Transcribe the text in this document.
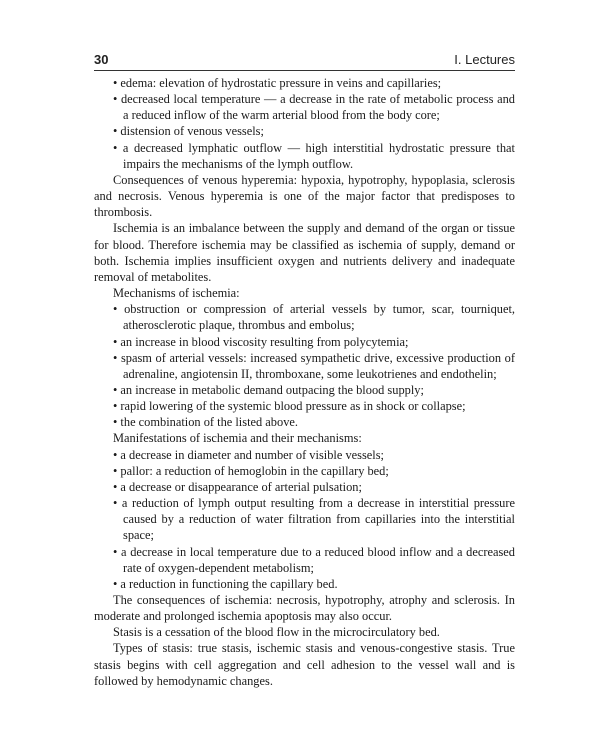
30	I. Lectures

• edema: elevation of hydrostatic pressure in veins and capillaries;

• decreased local temperature — a decrease in the rate of metabolic process and a reduced inflow of the warm arterial blood from the body core;

• distension of venous vessels;

• a decreased lymphatic outflow — high interstitial hydrostatic pressure that impairs the mechanisms of the lymph outflow.

Consequences of venous hyperemia: hypoxia, hypotrophy, hypoplasia, sclerosis and necrosis. Venous hyperemia is one of the major factor that predisposes to thrombosis.

Ischemia is an imbalance between the supply and demand of the organ or tissue for blood. Therefore ischemia may be classified as ischemia of supply, demand or both. Ischemia implies insufficient oxygen and nutrients delivery and inadequate removal of metabolites.

Mechanisms of ischemia:

• obstruction or compression of arterial vessels by tumor, scar, tourniquet, atherosclerotic plaque, thrombus and embolus;

• an increase in blood viscosity resulting from polycytemia;

• spasm of arterial vessels: increased sympathetic drive, excessive production of adrenaline, angiotensin II, thromboxane, some leukotrienes and endothelin;

• an increase in metabolic demand outpacing the blood supply;

• rapid lowering of the systemic blood pressure as in shock or collapse;

• the combination of the listed above.

Manifestations of ischemia and their mechanisms:

• a decrease in diameter and number of visible vessels;

• pallor: a reduction of hemoglobin in the capillary bed;

• a decrease or disappearance of arterial pulsation;

• a reduction of lymph output resulting from a decrease in interstitial pressure caused by a reduction of water filtration from capillaries into the interstitial space;

• a decrease in local temperature due to a reduced blood inflow and a decreased rate of oxygen-dependent metabolism;

• a reduction in functioning the capillary bed.

The consequences of ischemia: necrosis, hypotrophy, atrophy and sclerosis. In moderate and prolonged ischemia apoptosis may also occur.

Stasis is a cessation of the blood flow in the microcirculatory bed.

Types of stasis: true stasis, ischemic stasis and venous-congestive stasis. True stasis begins with cell aggregation and cell adhesion to the vessel wall and is followed by hemodynamic changes.
